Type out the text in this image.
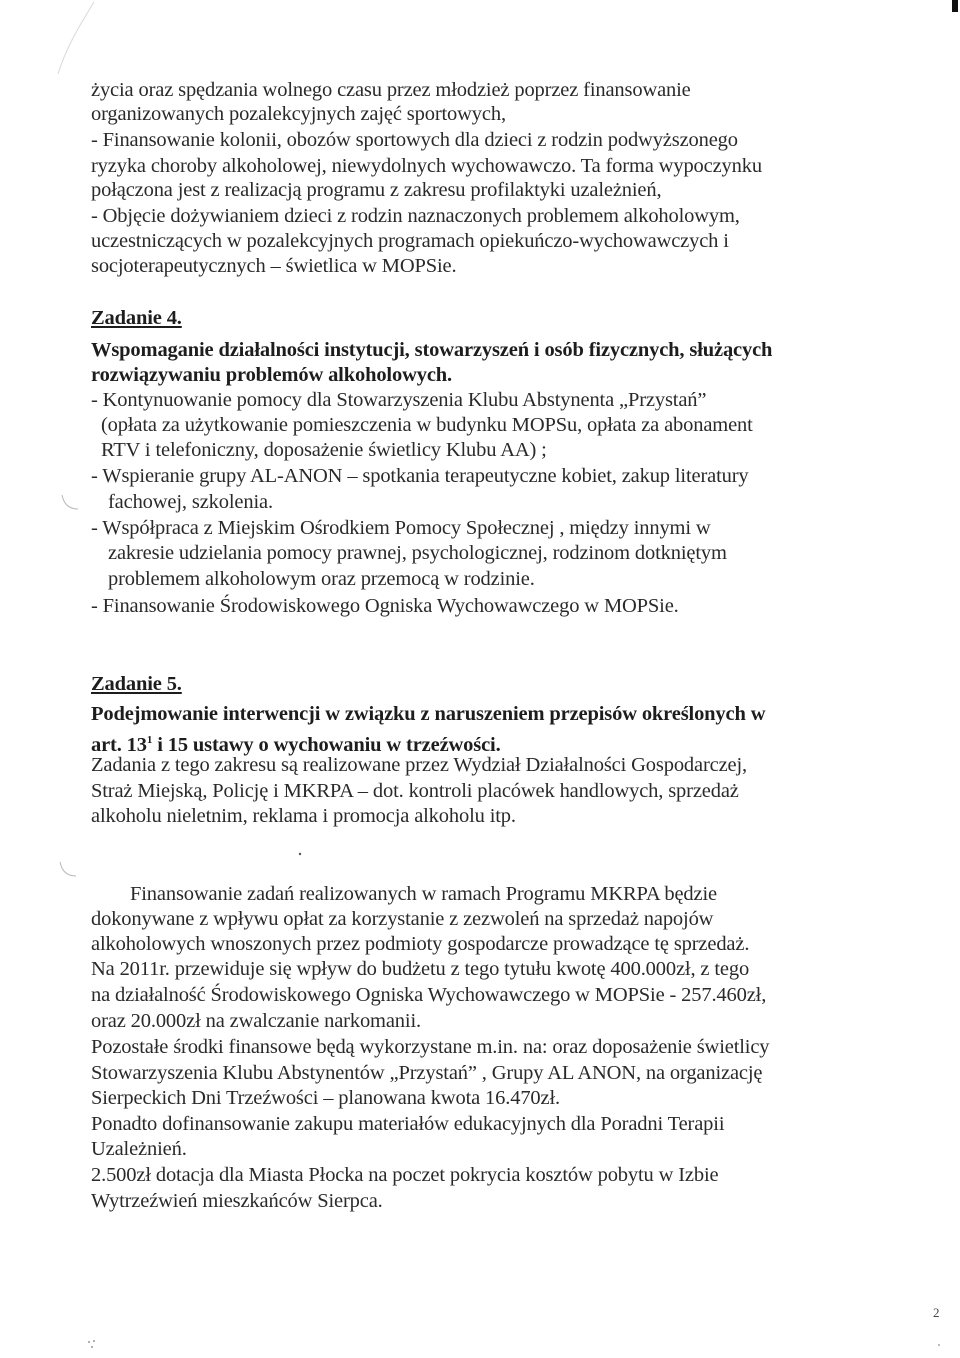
życia oraz spędzania wolnego czasu przez młodzież poprzez finansowanie
organizowanych pozalekcyjnych zajęć sportowych,
- Finansowanie kolonii, obozów sportowych dla dzieci z rodzin podwyższonego
ryzyka choroby alkoholowej, niewydolnych wychowawczo. Ta forma wypoczynku
połączona jest z realizacją programu z zakresu profilaktyki uzależnień,
- Objęcie dożywianiem dzieci z rodzin naznaczonych problemem alkoholowym,
uczestniczących w pozalekcyjnych programach opiekuńczo-wychowawczych i
socjoterapeutycznych – świetlica w MOPSie.
Zadanie 4.
Wspomaganie działalności instytucji, stowarzyszeń i osób fizycznych, służących
rozwiązywaniu problemów alkoholowych.
- Kontynuowanie pomocy dla Stowarzyszenia Klubu Abstynenta „Przystań”
(opłata za użytkowanie pomieszczenia w budynku MOPSu, opłata za abonament
RTV i telefoniczny, doposażenie świetlicy Klubu AA) ;
- Wspieranie grupy AL-ANON – spotkania terapeutyczne kobiet, zakup literatury
fachowej, szkolenia.
- Współpraca z Miejskim Ośrodkiem Pomocy Społecznej , między innymi w
zakresie udzielania pomocy prawnej, psychologicznej, rodzinom dotkniętym
problemem alkoholowym oraz przemocą w rodzinie.
- Finansowanie Środowiskowego Ogniska Wychowawczego w MOPSie.
Zadanie 5.
Podejmowanie interwencji w związku z naruszeniem przepisów określonych w
art. $13^1$ i 15 ustawy o wychowaniu w trzeźwości.
Zadania z tego zakresu są realizowane przez Wydział Działalności Gospodarczej,
Straż Miejską, Policję i MKRPA – dot. kontroli placówek handlowych, sprzedaż
alkoholu nieletnim, reklama i promocja alkoholu itp.
Finansowanie zadań realizowanych w ramach Programu MKRPA będzie
dokonywane z wpływu opłat za korzystanie z zezwoleń na sprzedaż napojów
alkoholowych wnoszonych przez podmioty gospodarcze prowadzące tę sprzedaż.
Na 2011r. przewiduje się wpływ do budżetu z tego tytułu kwotę 400.000zł, z tego
na działalność Środowiskowego Ogniska Wychowawczego w MOPSie - 257.460zł,
oraz 20.000zł na zwalczanie narkomanii.
Pozostałe środki finansowe będą wykorzystane m.in. na: oraz doposażenie świetlicy
Stowarzyszenia Klubu Abstynentów „Przystań” , Grupy AL ANON, na organizację
Sierpeckich Dni Trzeźwości – planowana kwota 16.470zł.
Ponadto dofinansowanie zakupu materiałów edukacyjnych dla Poradni Terapii
Uzależnień.
2.500zł dotacja dla Miasta Płocka na poczet pokrycia kosztów pobytu w Izbie
Wytrzeźwień mieszkańców Sierpca.
2
